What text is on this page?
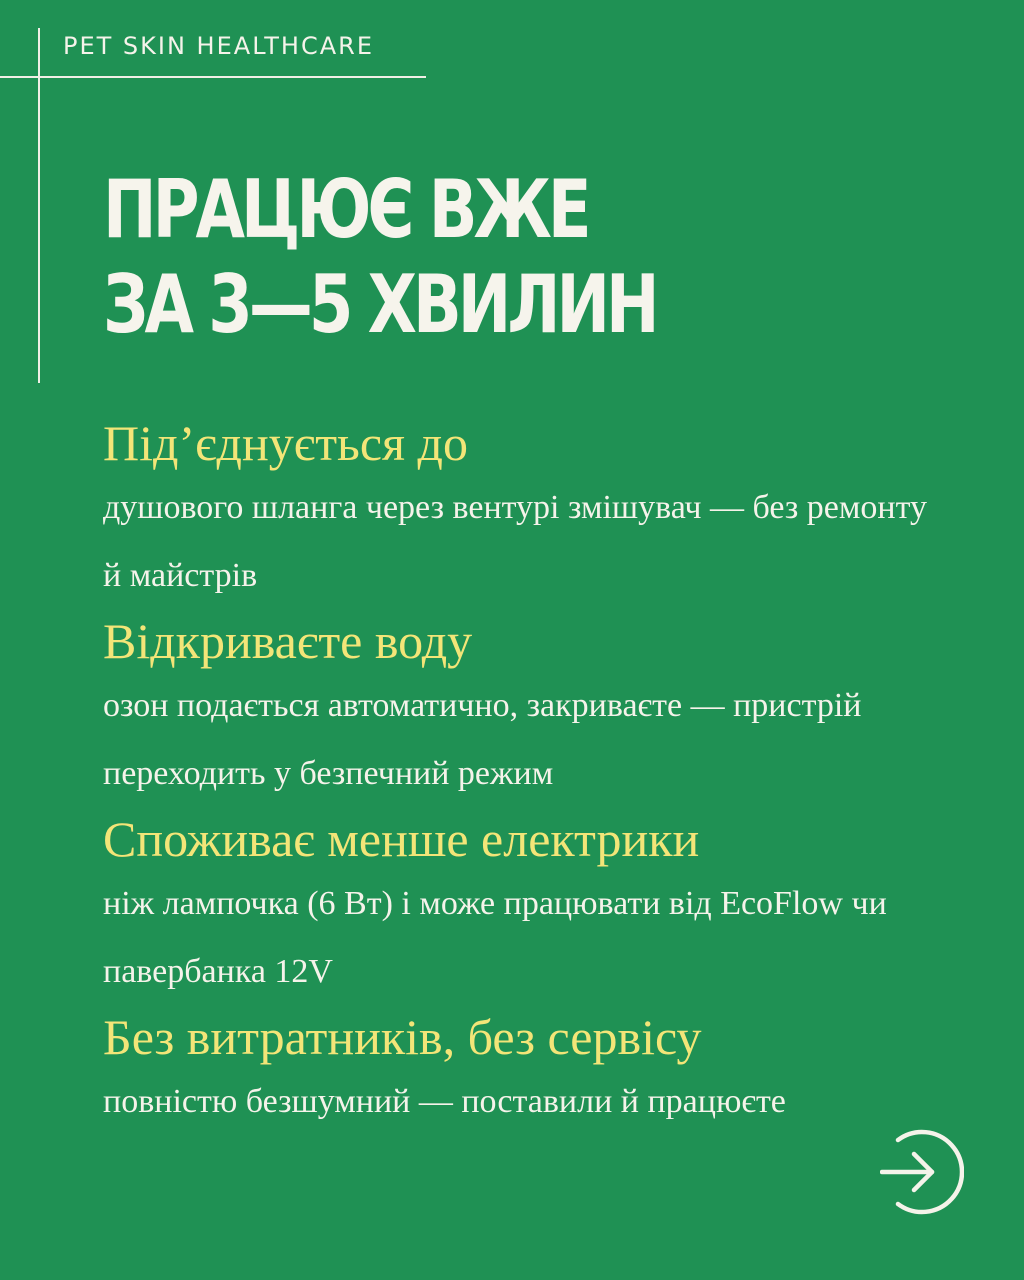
PET SKIN HEALTHCARE
ПРАЦЮЄ ВЖЕ ЗА 3—5 ХВИЛИН
Під’єднується до
душового шланга через вентурі змішувач — без ремонту й майстрів
Відкриваєте воду
озон подається автоматично, закриваєте — пристрій переходить у безпечний режим
Споживає менше електрики
ніж лампочка (6 Вт) і може працювати від EcoFlow чи павербанка 12V
Без витратників, без сервісу
повністю безшумний — поставили й працюєте
